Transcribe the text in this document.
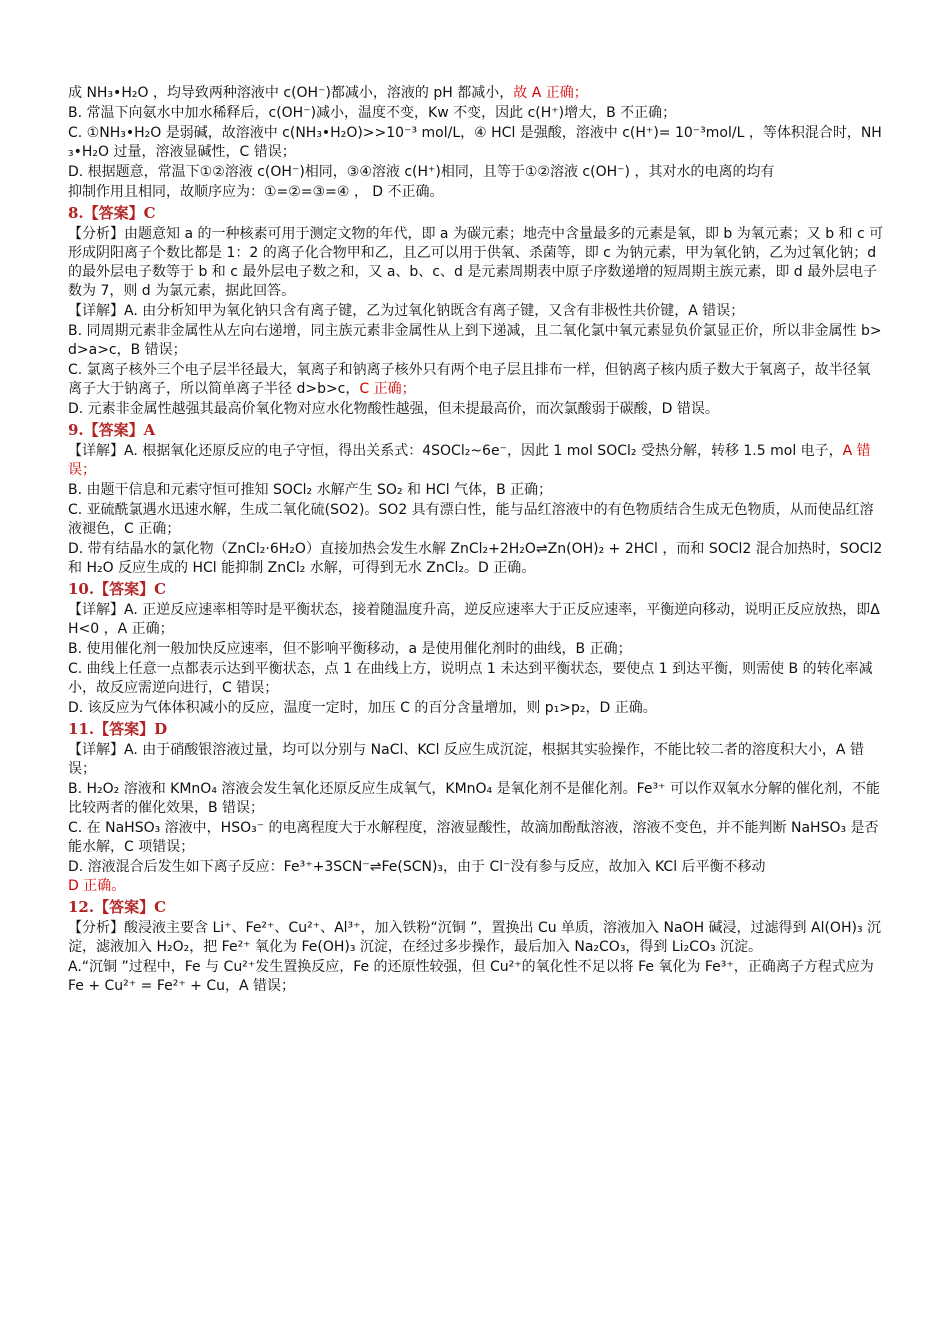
成 NH₃•H₂O ，均导致两种溶液中 c(OH⁻)都减小，溶液的 pH 都减小，故 A 正确；

B. 常温下向氨水中加水稀释后，c(OH⁻)减小，温度不变，Kw 不变，因此 c(H⁺)增大，B 不正确；

C. ①NH₃•H₂O 是弱碱，故溶液中 c(NH₃•H₂O)>>10⁻³ mol/L，④ HCl 是强酸，溶液中 c(H⁺)= 10⁻³mol/L ，等体积混合时，NH₃•H₂O 过量，溶液显碱性，C 错误；

D. 根据题意，常温下①②溶液 c(OH⁻)相同，③④溶液 c(H⁺)相同，且等于①②溶液 c(OH⁻) ，其对水的电离的均有

抑制作用且相同，故顺序应为：①=②=③=④ ， D 不正确。

8.【答案】C

【分析】由题意知 a 的一种核素可用于测定文物的年代，即 a 为碳元素；地壳中含量最多的元素是氧，即 b 为氧元素；又 b 和 c 可形成阴阳离子个数比都是 1：2 的离子化合物甲和乙，且乙可以用于供氧、杀菌等，即 c 为钠元素，甲为氧化钠，乙为过氧化钠；d 的最外层电子数等于 b 和 c 最外层电子数之和，又 a、b、c、d 是元素周期表中原子序数递增的短周期主族元素，即 d 最外层电子数为 7，则 d 为氯元素，据此回答。

【详解】A. 由分析知甲为氧化钠只含有离子键，乙为过氧化钠既含有离子键，又含有非极性共价键，A 错误；

B. 同周期元素非金属性从左向右递增，同主族元素非金属性从上到下递减，且二氧化氯中氧元素显负价氯显正价，所以非金属性 b>d>a>c，B 错误；

C. 氯离子核外三个电子层半径最大，氧离子和钠离子核外只有两个电子层且排布一样，但钠离子核内质子数大于氧离子，故半径氧离子大于钠离子，所以简单离子半径 d>b>c，C 正确；

D. 元素非金属性越强其最高价氧化物对应水化物酸性越强，但未提最高价，而次氯酸弱于碳酸，D 错误。

9.【答案】A

【详解】A. 根据氧化还原反应的电子守恒，得出关系式：4SOCl₂~6e⁻，因此 1 mol SOCl₂ 受热分解，转移 1.5 mol 电子，A 错误；

B. 由题干信息和元素守恒可推知 SOCl₂ 水解产生 SO₂ 和 HCl 气体，B 正确；

C. 亚硫酰氯遇水迅速水解，生成二氧化硫(SO2)。SO2 具有漂白性，能与品红溶液中的有色物质结合生成无色物质，从而使品红溶液褪色，C 正确；

D. 带有结晶水的氯化物（ZnCl₂·6H₂O）直接加热会发生水解 ZnCl₂+2H₂O⇌Zn(OH)₂ + 2HCl ，而和 SOCl2 混合加热时，SOCl2 和 H₂O 反应生成的 HCl 能抑制 ZnCl₂ 水解，可得到无水 ZnCl₂。D 正确。

10.【答案】C

【详解】A. 正逆反应速率相等时是平衡状态，接着随温度升高，逆反应速率大于正反应速率，平衡逆向移动，说明正反应放热，即ΔH<0 ，A 正确；

B. 使用催化剂一般加快反应速率，但不影响平衡移动，a 是使用催化剂时的曲线，B 正确；

C. 曲线上任意一点都表示达到平衡状态，点 1 在曲线上方，说明点 1 未达到平衡状态，要使点 1 到达平衡，则需使 B 的转化率减小，故反应需逆向进行，C 错误；

D. 该反应为气体体积减小的反应，温度一定时，加压 C 的百分含量增加，则 p₁>p₂，D 正确。

11.【答案】D

【详解】A. 由于硝酸银溶液过量，均可以分别与 NaCl、KCl 反应生成沉淀，根据其实验操作，不能比较二者的溶度积大小，A 错误；

B. H₂O₂ 溶液和 KMnO₄ 溶液会发生氧化还原反应生成氧气，KMnO₄ 是氧化剂不是催化剂。Fe³⁺ 可以作双氧水分解的催化剂，不能比较两者的催化效果，B 错误；

C. 在 NaHSO₃ 溶液中，HSO₃⁻ 的电离程度大于水解程度，溶液显酸性，故滴加酚酞溶液，溶液不变色，并不能判断 NaHSO₃ 是否能水解，C 项错误；

D. 溶液混合后发生如下离子反应：Fe³⁺+3SCN⁻⇌Fe(SCN)₃，由于 Cl⁻没有参与反应，故加入 KCl 后平衡不移动
D 正确。

12.【答案】C

【分析】酸浸液主要含 Li⁺、Fe²⁺、Cu²⁺、Al³⁺，加入铁粉“沉铜 ”，置换出 Cu 单质，溶液加入 NaOH 碱浸，过滤得到 Al(OH)₃ 沉淀，滤液加入 H₂O₂，把 Fe²⁺ 氧化为 Fe(OH)₃ 沉淀，在经过多步操作，最后加入 Na₂CO₃，得到 Li₂CO₃ 沉淀。

A.“沉铜 ”过程中，Fe 与 Cu²⁺发生置换反应，Fe 的还原性较强，但 Cu²⁺的氧化性不足以将 Fe 氧化为 Fe³⁺，正确离子方程式应为 Fe + Cu²⁺ = Fe²⁺ + Cu，A 错误；
